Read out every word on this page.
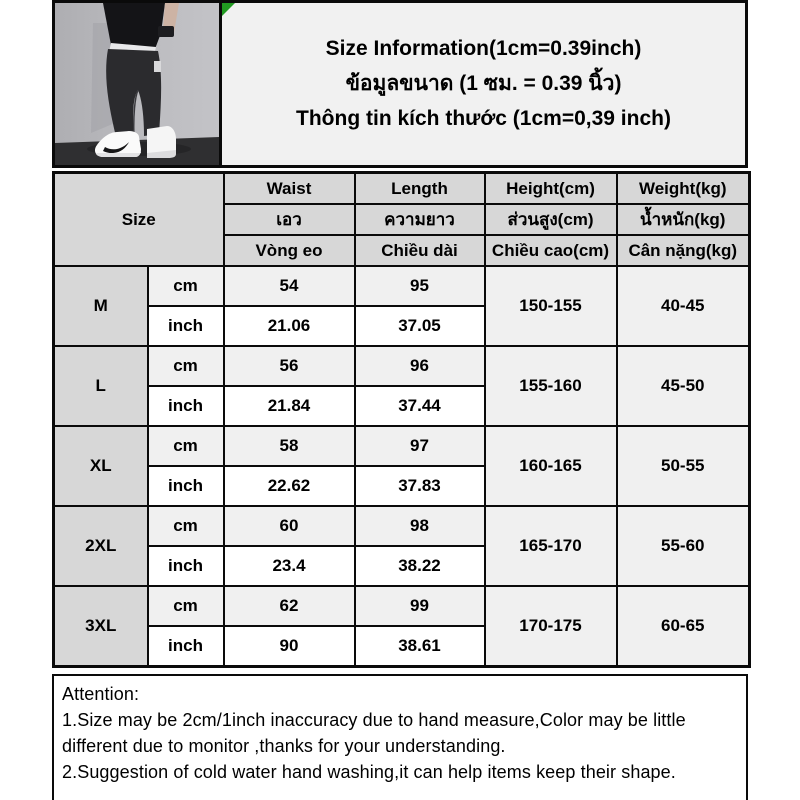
Size Information(1cm=0.39inch)
ข้อมูลขนาด (1 ซม. = 0.39 นิ้ว)
Thông tin kích thước (1cm=0,39 inch)
Size		Waist	Length	Height(cm)	Weight(kg)
		เอว	ความยาว	ส่วนสูง(cm)	น้ำหนัก(kg)
		Vòng eo	Chiều dài	Chiều cao(cm)	Cân nặng(kg)
M	cm	54	95	150-155	40-45
	inch	21.06	37.05		
L	cm	56	96	155-160	45-50
	inch	21.84	37.44		
XL	cm	58	97	160-165	50-55
	inch	22.62	37.83		
2XL	cm	60	98	165-170	55-60
	inch	23.4	38.22		
3XL	cm	62	99	170-175	60-65
	inch	90	38.61		
Attention:
1.Size may be 2cm/1inch inaccuracy due to hand measure,Color may be little different due to monitor ,thanks for your understanding.
2.Suggestion of cold water hand washing,it can help items keep their shape.
